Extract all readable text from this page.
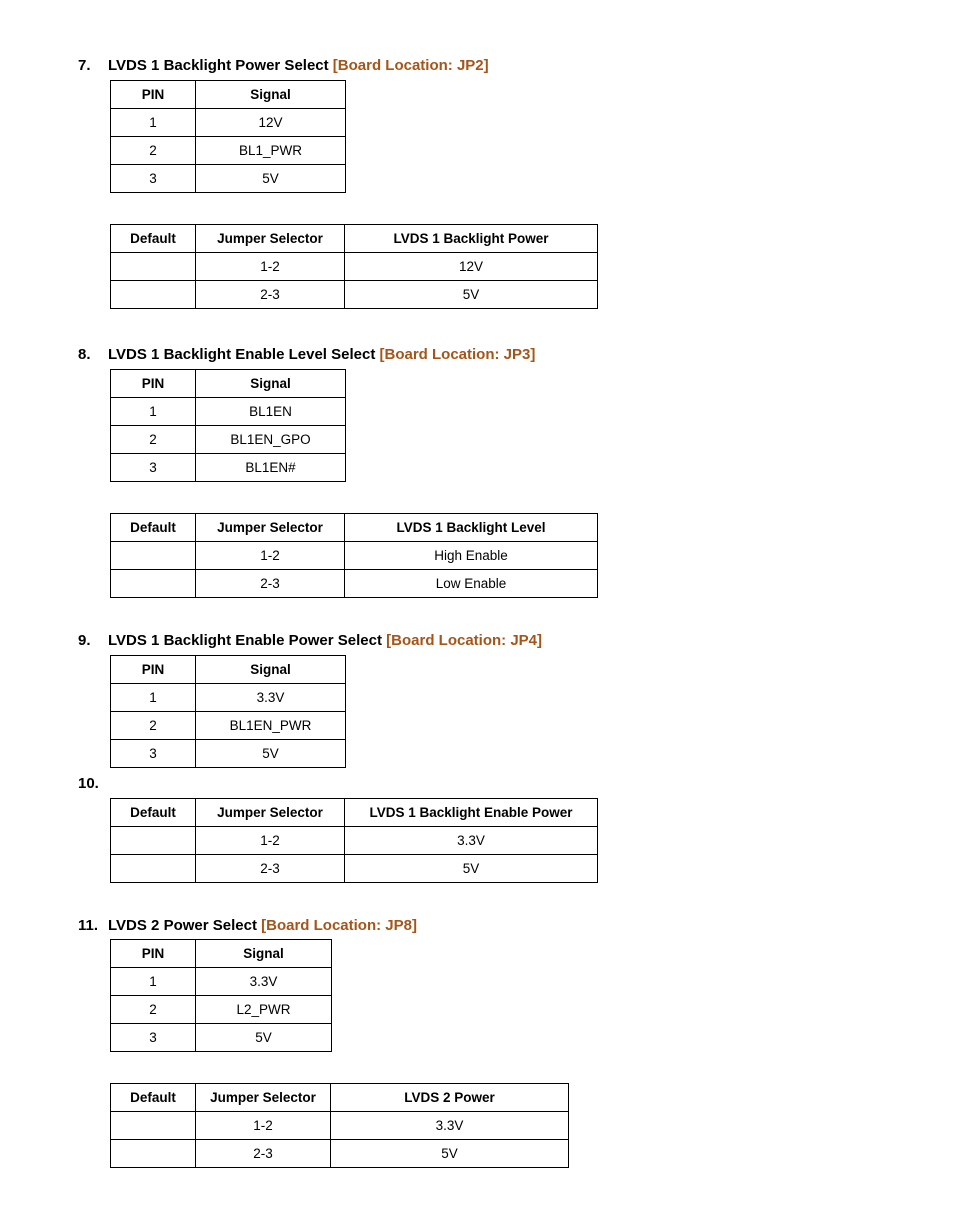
7. LVDS 1 Backlight Power Select [Board Location: JP2]
PIN	Signal
1	12V
2	BL1_PWR
3	5V
Default	Jumper Selector	LVDS 1 Backlight Power
	1-2	12V
	2-3	5V
8. LVDS 1 Backlight Enable Level Select [Board Location: JP3]
PIN	Signal
1	BL1EN
2	BL1EN_GPO
3	BL1EN#
Default	Jumper Selector	LVDS 1 Backlight Level
	1-2	High Enable
	2-3	Low Enable
9. LVDS 1 Backlight Enable Power Select [Board Location: JP4]
PIN	Signal
1	3.3V
2	BL1EN_PWR
3	5V
10.
Default	Jumper Selector	LVDS 1 Backlight Enable Power
	1-2	3.3V
	2-3	5V
11. LVDS 2 Power Select [Board Location: JP8]
PIN	Signal
1	3.3V
2	L2_PWR
3	5V
Default	Jumper Selector	LVDS 2 Power
	1-2	3.3V
	2-3	5V
